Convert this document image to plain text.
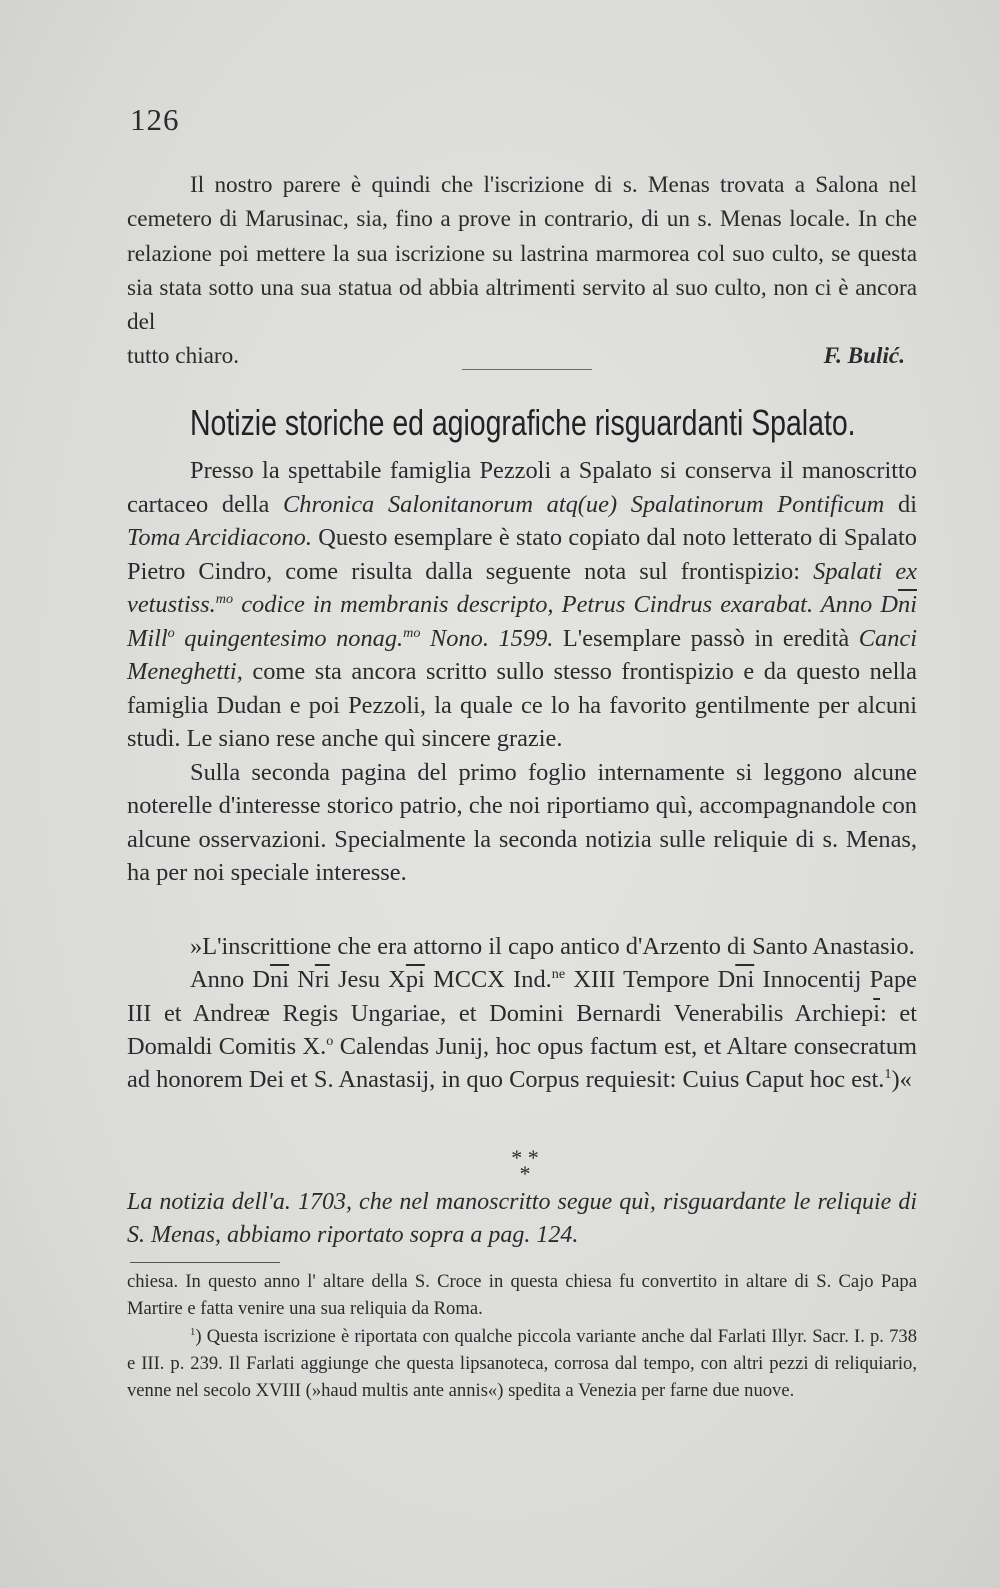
126
Il nostro parere è quindi che l'iscrizione di s. Menas trovata a Salona nel cemetero di Marusinac, sia, fino a prove in contrario, di un s. Menas locale. In che relazione poi mettere la sua iscrizione su lastrina marmorea col suo culto, se questa sia stata sotto una sua statua od abbia altrimenti servito al suo culto, non ci è ancora del
tutto chiaro.	F. Bulić.
Notizie storiche ed agiografiche risguardanti Spalato.

Presso la spettabile famiglia Pezzoli a Spalato si conserva il manoscritto cartaceo della Chronica Salonitanorum atq(ue) Spalatinorum Pontificum di Toma Arcidiacono. Questo esemplare è stato copiato dal noto letterato di Spalato Pietro Cindro, come risulta dalla seguente nota sul frontispizio: Spalati ex vetustiss.$^{mo}$ codice in membranis descripto, Petrus Cindrus exarabat. Anno $D\overline{ni}$ Mill$^o$ quingentesimo nonag.$^{mo}$ Nono. 1599. L'esemplare passò in eredità Canci Meneghetti, come sta ancora scritto sullo stesso frontispizio e da questo nella famiglia Dudan e poi Pezzoli, la quale ce lo ha favorito gentilmente per alcuni studi. Le siano rese anche quì sincere grazie.

Sulla seconda pagina del primo foglio internamente si leggono alcune noterelle d'interesse storico patrio, che noi riportiamo quì, accompagnandole con alcune osservazioni. Specialmente la seconda notizia sulle reliquie di s. Menas, ha per noi speciale interesse.

»L'inscrittione che era attorno il capo antico d'Arzento di Santo Anastasio.

Anno $D\overline{ni}$ $N\overline{ri}$ Jesu $X\overline{pi}$ MCCX Ind.$^{ne}$ XIII Tempore $D\overline{ni}$ Innocentij Pape III et Andreæ Regis Ungariae, et Domini Bernardi Venerabilis $Archiep\overline{i}$: et Domaldi Comitis X.$^o$ Calendas Junij, hoc opus factum est, et Altare consecratum ad honorem Dei et S. Anastasij, in quo Corpus requiesit: Cuius Caput hoc est.$^1$)«

* *
*
La notizia dell'a. 1703, che nel manoscritto segue quì, risguardante le reliquie di S. Menas, abbiamo riportato sopra a pag. 124.

chiesa. In questo anno l' altare della S. Croce in questa chiesa fu convertito in altare di S. Cajo Papa Martire e fatta venire una sua reliquia da Roma.

$^1$) Questa iscrizione è riportata con qualche piccola variante anche dal Farlati Illyr. Sacr. I. p. 738 e III. p. 239. Il Farlati aggiunge che questa lipsanoteca, corrosa dal tempo, con altri pezzi di reliquiario, venne nel secolo XVIII (»haud multis ante annis«) spedita a Venezia per farne due nuove.
